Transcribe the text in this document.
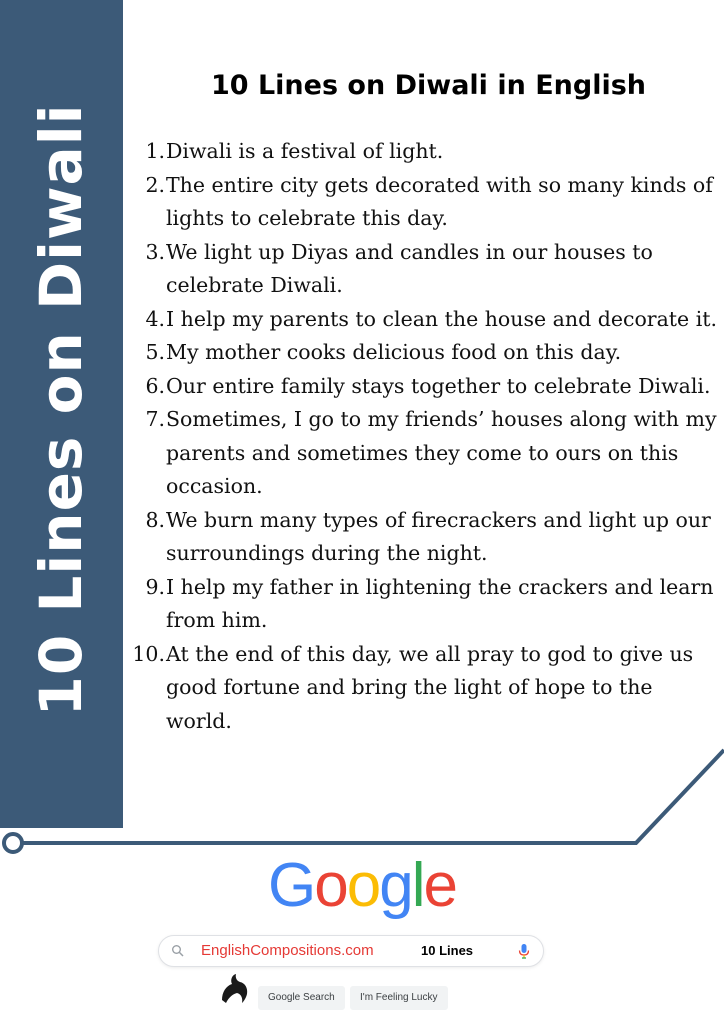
10 Lines on Diwali
10 Lines on Diwali in English
1. Diwali is a festival of light.
2. The entire city gets decorated with so many kinds of lights to celebrate this day.
3. We light up Diyas and candles in our houses to celebrate Diwali.
4. I help my parents to clean the house and decorate it.
5. My mother cooks delicious food on this day.
6. Our entire family stays together to celebrate Diwali.
7. Sometimes, I go to my friends’ houses along with my parents and sometimes they come to ours on this occasion.
8. We burn many types of firecrackers and light up our surroundings during the night.
9. I help my father in lightening the crackers and learn from him.
10. At the end of this day, we all pray to god to give us good fortune and bring the light of hope to the world.
Google
EnglishCompositions.com	10 Lines
Google Search	I'm Feeling Lucky
